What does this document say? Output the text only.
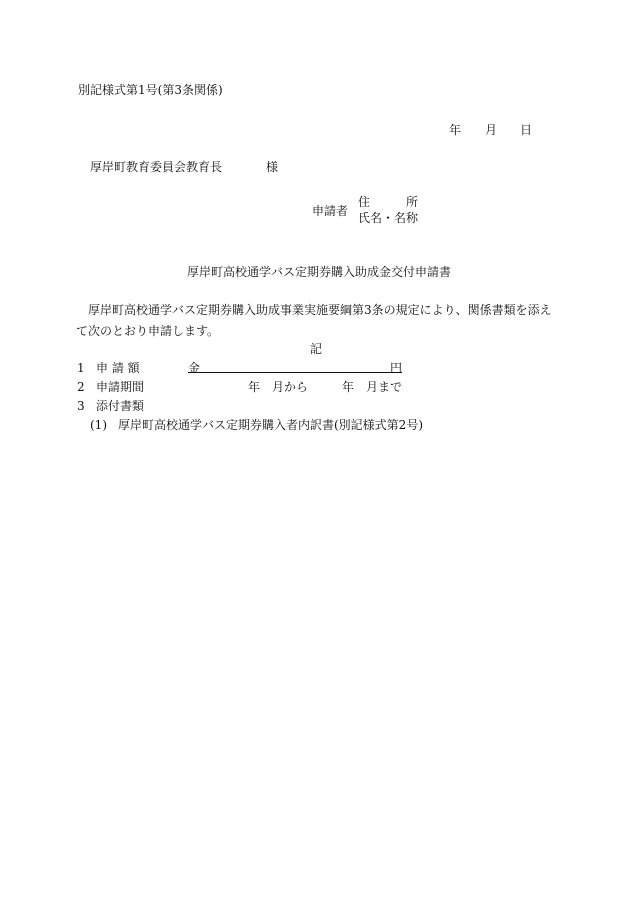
別記様式第1号(第3条関係)
年 月 日
厚岸町教育委員会教育長	様
申請者
住　　　所
氏名・名称
厚岸町高校通学バス定期券購入助成金交付申請書
厚岸町高校通学バス定期券購入助成事業実施要綱第3条の規定により、関係書類を添えて次のとおり申請します。
記
1 申 請 額	金	円
2 申請期間	年　月から	年　月まで
3 添付書類
(1) 厚岸町高校通学バス定期券購入者内訳書(別記様式第2号)
